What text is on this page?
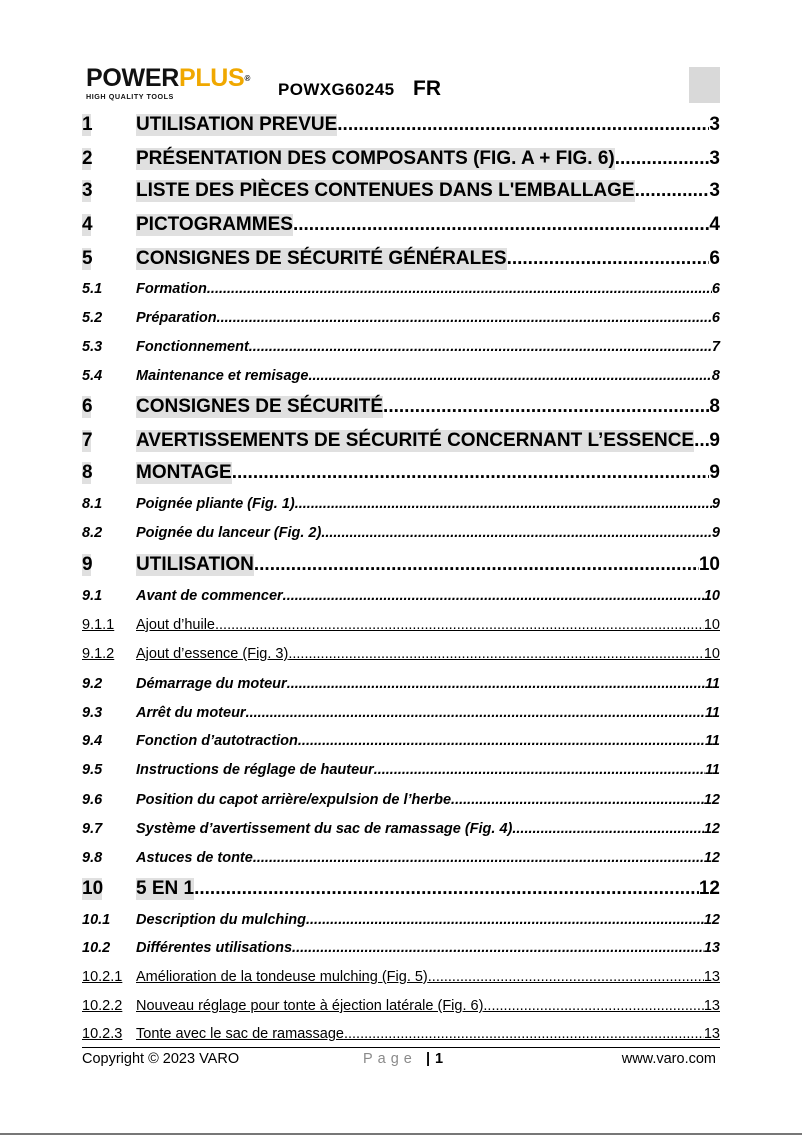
POWERPLUS®
HIGH QUALITY TOOLS	POWXG60245 FR
1 UTILISATION PREVUE .....	3
2 PRÉSENTATION DES COMPOSANTS (FIG. A + FIG. 6) .....	3
3 LISTE DES PIÈCES CONTENUES DANS L'EMBALLAGE .....	3
4 PICTOGRAMMES .....	4
5 CONSIGNES DE SÉCURITÉ GÉNÉRALES .....	6
5.1	Formation .....	6
5.2	Préparation .....	6
5.3	Fonctionnement .....	7
5.4	Maintenance et remisage .....	8
6 CONSIGNES DE SÉCURITÉ .....	8
7 AVERTISSEMENTS DE SÉCURITÉ CONCERNANT L’ESSENCE ..... 9
8 MONTAGE .....	9
8.1	Poignée pliante (Fig. 1) .....	9
8.2	Poignée du lanceur (Fig. 2) .....	9
9 UTILISATION .....	10
9.1	Avant de commencer .....	10
9.1.1	Ajout d’huile .....	10
9.1.2	Ajout d’essence (Fig. 3) .....	10
9.2	Démarrage du moteur .....	11
9.3	Arrêt du moteur .....	11
9.4	Fonction d’autotraction .....	11
9.5	Instructions de réglage de hauteur .....	11
9.6	Position du capot arrière/expulsion de l’herbe .....	12
9.7	Système d’avertissement du sac de ramassage (Fig. 4) .....	12
9.8	Astuces de tonte .....	12
10 5 EN 1 .....	12
10.1	Description du mulching .....	12
10.2	Différentes utilisations .....	13
10.2.1 Amélioration de la tondeuse mulching (Fig. 5) .....	13
10.2.2 Nouveau réglage pour tonte à éjection latérale (Fig. 6) .....	13
10.2.3 Tonte avec le sac de ramassage .....	13
Copyright © 2023 VARO	Page | 1	www.varo.com
